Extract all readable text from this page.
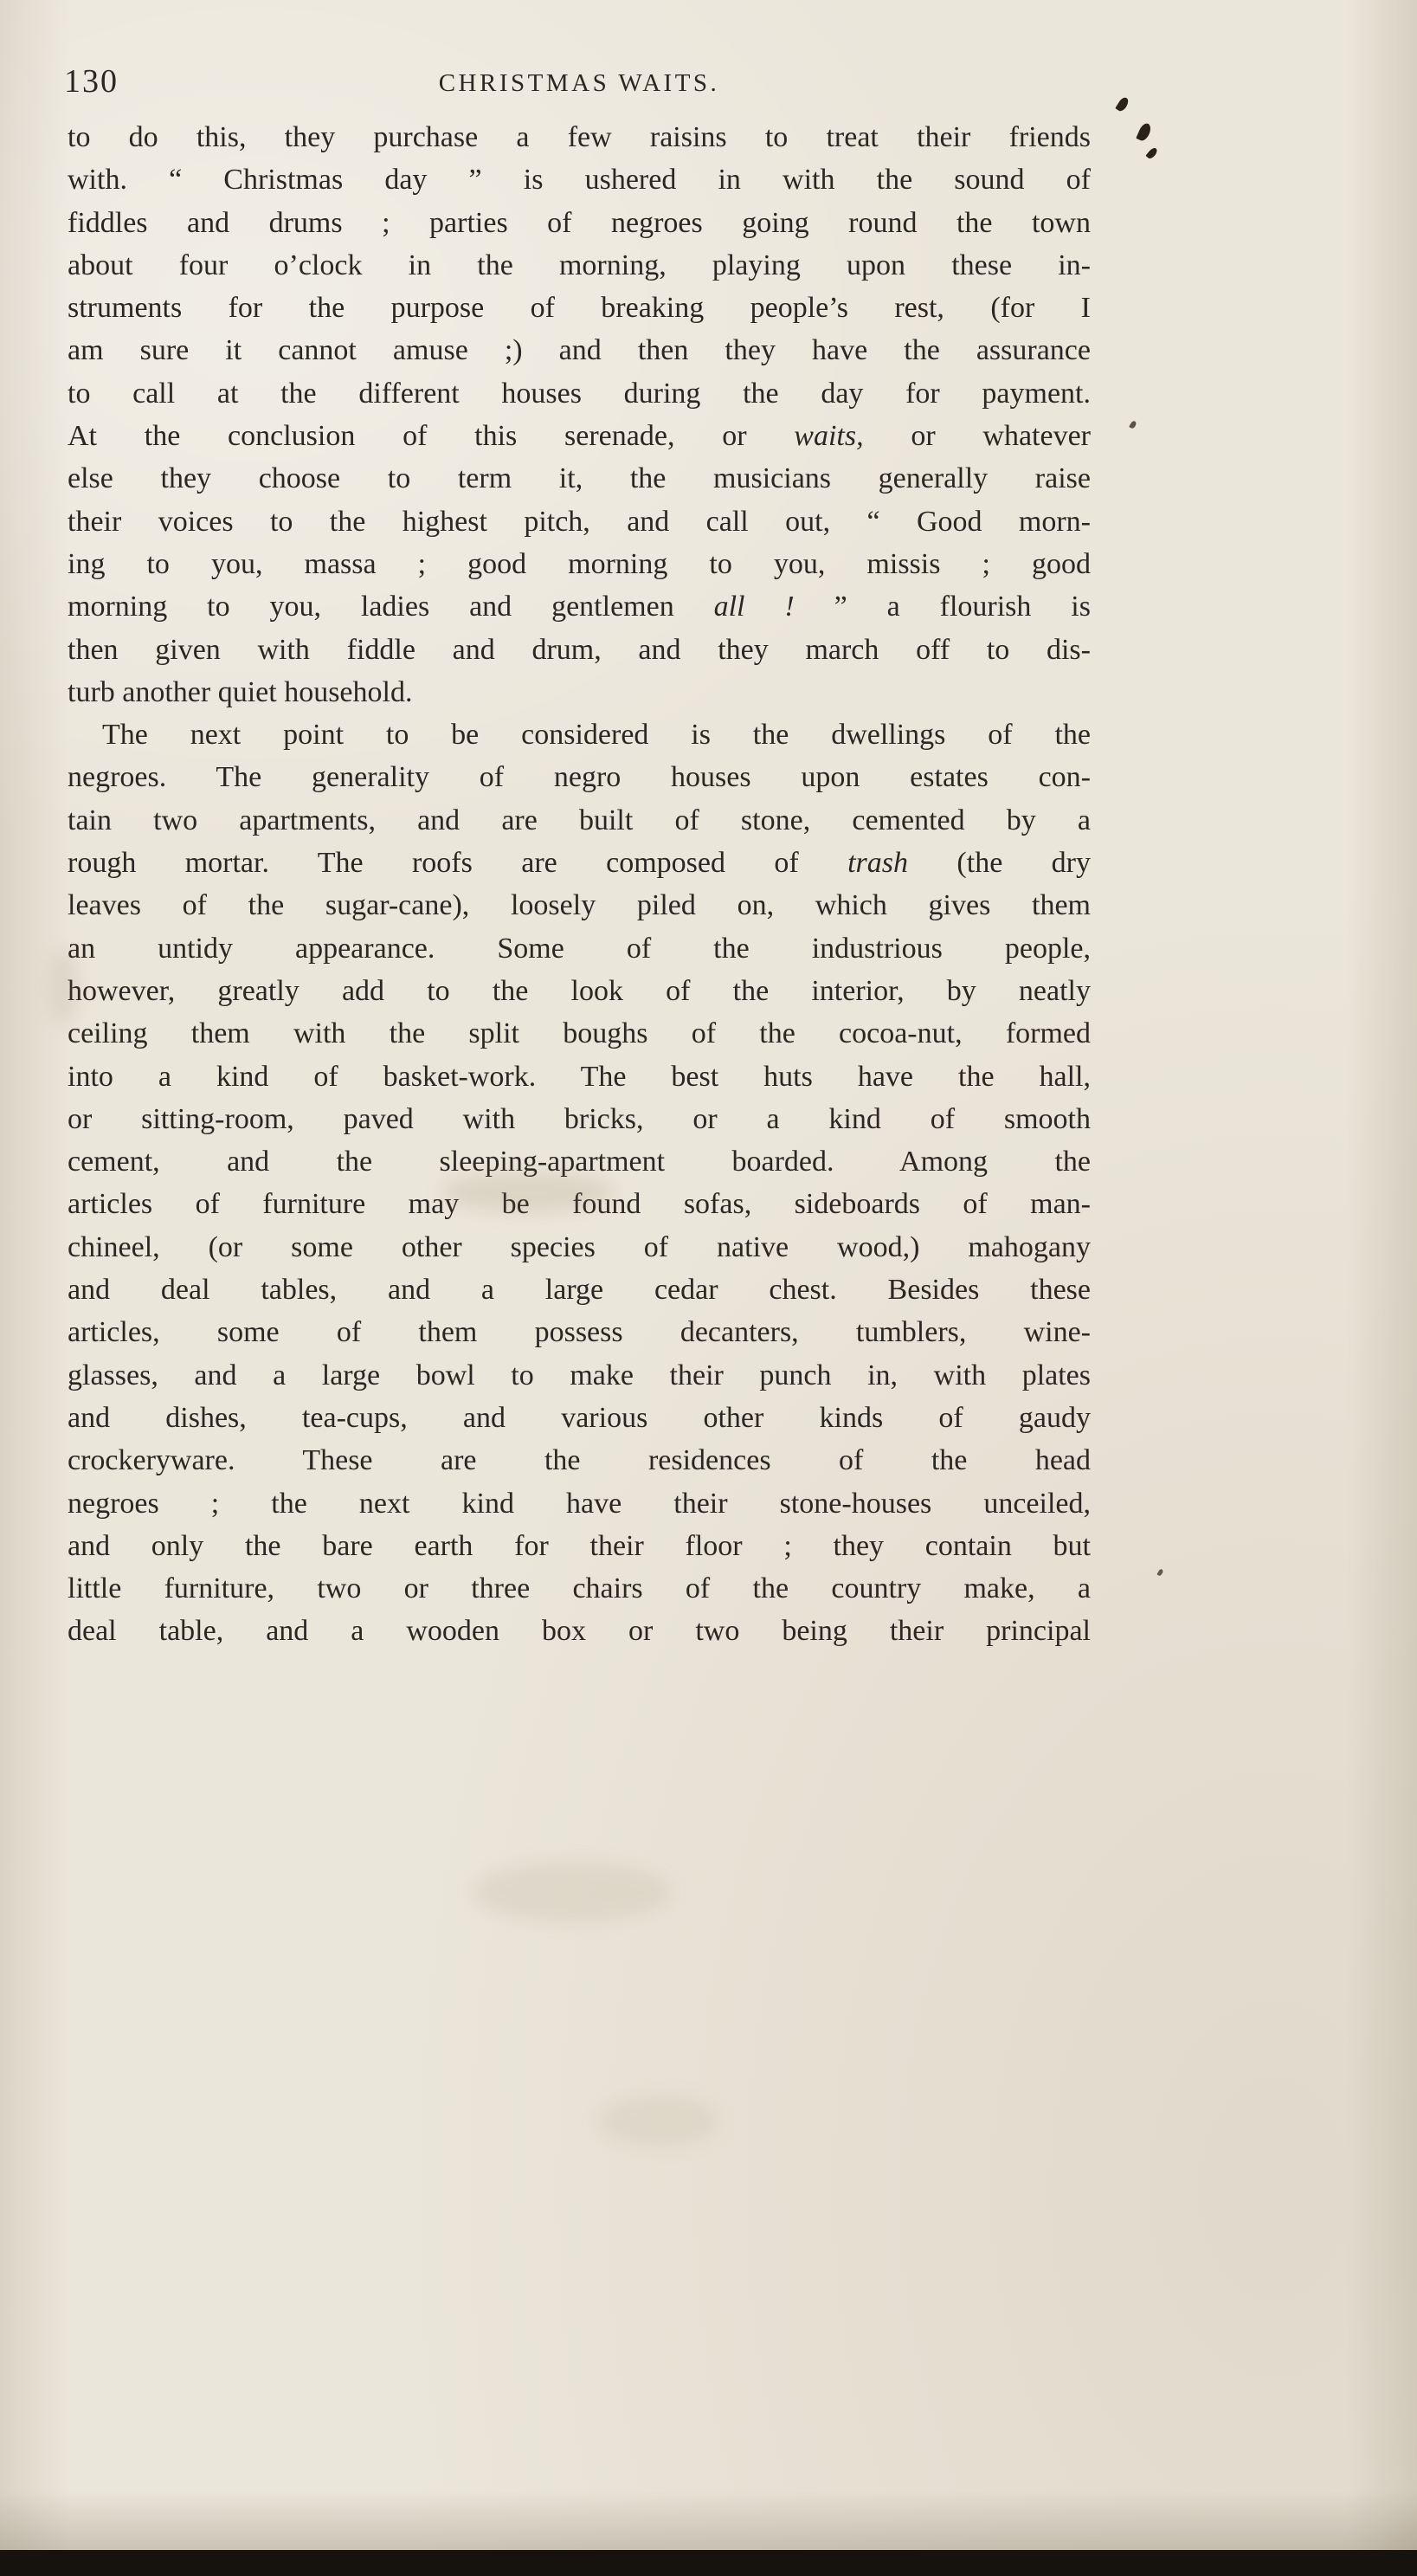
130	CHRISTMAS WAITS.
to do this, they purchase a few raisins to treat their friends
with. “ Christmas day ” is ushered in with the sound of
fiddles and drums ; parties of negroes going round the town
about four o’clock in the morning, playing upon these in-
struments for the purpose of breaking people’s rest, (for I
am sure it cannot amuse ;) and then they have the assurance
to call at the different houses during the day for payment.
At the conclusion of this serenade, or waits, or whatever
else they choose to term it, the musicians generally raise
their voices to the highest pitch, and call out, “ Good morn-
ing to you, massa ; good morning to you, missis ; good
morning to you, ladies and gentlemen all ! ” a flourish is
then given with fiddle and drum, and they march off to dis-
turb another quiet household.
The next point to be considered is the dwellings of the
negroes. The generality of negro houses upon estates con-
tain two apartments, and are built of stone, cemented by a
rough mortar. The roofs are composed of trash (the dry
leaves of the sugar-cane), loosely piled on, which gives them
an untidy appearance. Some of the industrious people,
however, greatly add to the look of the interior, by neatly
ceiling them with the split boughs of the cocoa-nut, formed
into a kind of basket-work. The best huts have the hall,
or sitting-room, paved with bricks, or a kind of smooth
cement, and the sleeping-apartment boarded. Among the
articles of furniture may be found sofas, sideboards of man-
chineel, (or some other species of native wood,) mahogany
and deal tables, and a large cedar chest. Besides these
articles, some of them possess decanters, tumblers, wine-
glasses, and a large bowl to make their punch in, with plates
and dishes, tea-cups, and various other kinds of gaudy
crockeryware. These are the residences of the head
negroes ; the next kind have their stone-houses unceiled,
and only the bare earth for their floor ; they contain but
little furniture, two or three chairs of the country make, a
deal table, and a wooden box or two being their principal
